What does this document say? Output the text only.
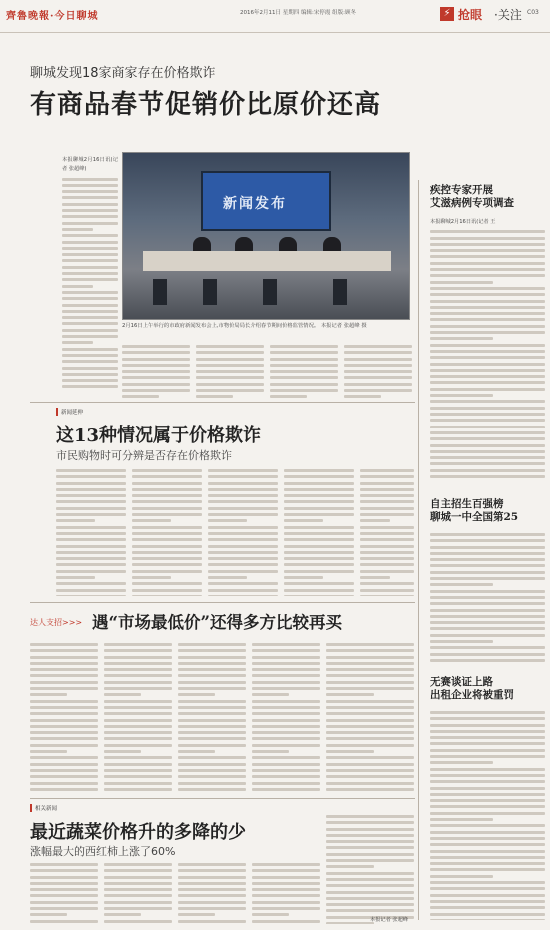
齊魯晚報·今日聊城	2016年2月11日 星期四 编辑:宋停霞 组版:顾冬	⚡ 抢眼 ·关注 C03
聊城发现18家商家存在价格欺诈
有商品春节促销价比原价还高
本报聊城2月16日讯(记者 张超峰)
新闻发布
2月16日上午举行的市政府新闻发布会上,市物价局局长介绍春节期间价格监管情况。 本报记者 张超峰 摄
疾控专家开展
艾滋病例专项调查
本报聊城2月16日讯(记者 王
新闻延伸
这13种情况属于价格欺诈
市民购物时可分辨是否存在价格欺诈
自主招生百强榜
聊城一中全国第25
达人支招>>> 遇“市场最低价”还得多方比较再买
无赛谈证上路
出租企业将被重罚
相关新闻
最近蔬菜价格升的多降的少
涨幅最大的西红柿上涨了60%
本报记者 张超峰
